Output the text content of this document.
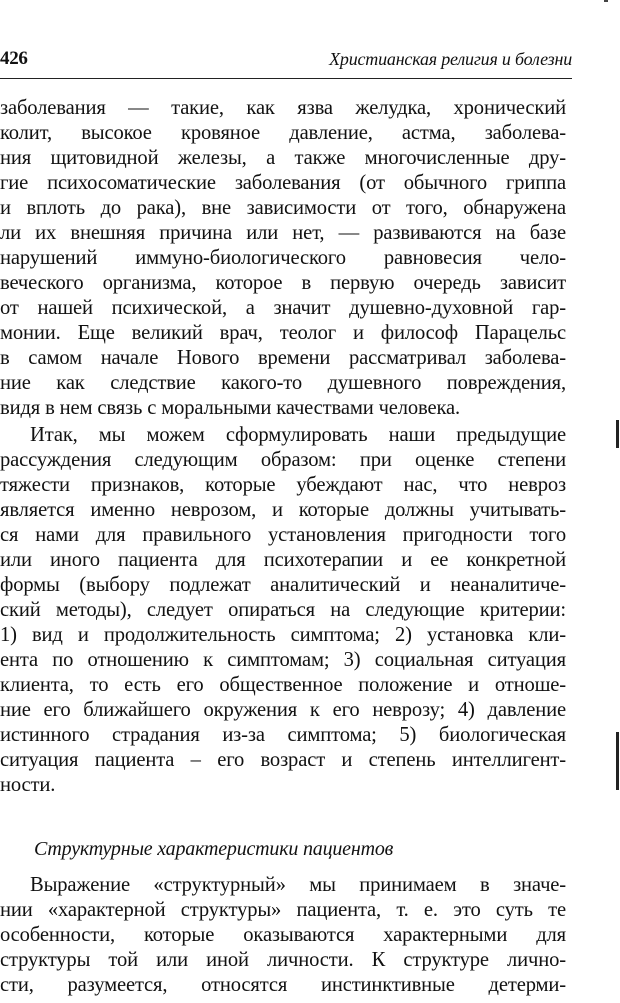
426	Христианская религия и болезни
заболевания — такие, как язва желудка, хронический
колит, высокое кровяное давление, астма, заболева-
ния щитовидной железы, а также многочисленные дру-
гие психосоматические заболевания (от обычного гриппа
и вплоть до рака), вне зависимости от того, обнаружена
ли их внешняя причина или нет, — развиваются на базе
нарушений иммуно-биологического равновесия чело-
веческого организма, которое в первую очередь зависит
от нашей психической, а значит душевно-духовной гар-
монии. Еще великий врач, теолог и философ Парацельс
в самом начале Нового времени рассматривал заболева-
ние как следствие какого-то душевного повреждения,
видя в нем связь с моральными качествами человека.
Итак, мы можем сформулировать наши предыдущие
рассуждения следующим образом: при оценке степени
тяжести признаков, которые убеждают нас, что невроз
является именно неврозом, и которые должны учитывать-
ся нами для правильного установления пригодности того
или иного пациента для психотерапии и ее конкретной
формы (выбору подлежат аналитический и неаналитиче-
ский методы), следует опираться на следующие критерии:
1) вид и продолжительность симптома; 2) установка кли-
ента по отношению к симптомам; 3) социальная ситуация
клиента, то есть его общественное положение и отноше-
ние его ближайшего окружения к его неврозу; 4) давление
истинного страдания из-за симптома; 5) биологическая
ситуация пациента – его возраст и степень интеллигент-
ности.
Структурные характеристики пациентов
Выражение «структурный» мы принимаем в значе-
нии «характерной структуры» пациента, т. е. это суть те
особенности, которые оказываются характерными для
структуры той или иной личности. К структуре лично-
сти, разумеется, относятся инстинктивные детерми-
